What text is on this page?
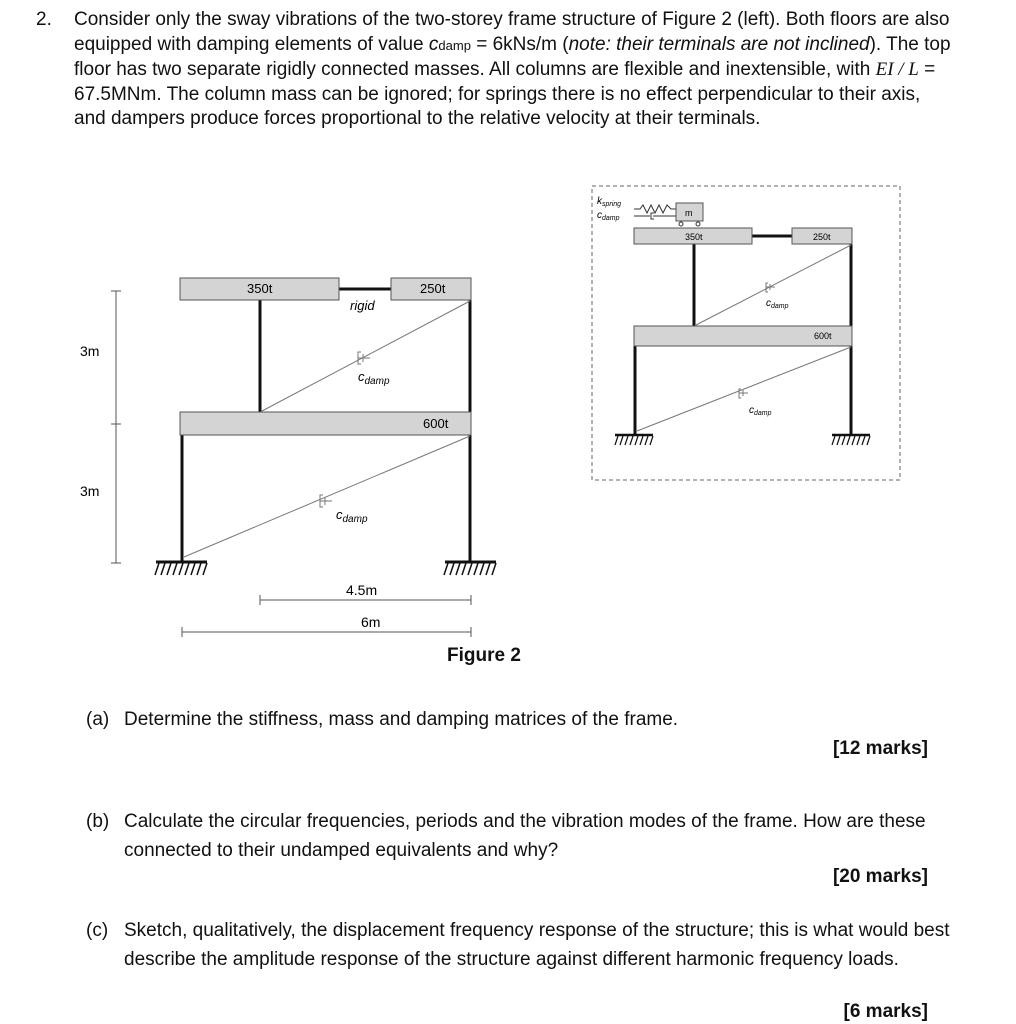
2. Consider only the sway vibrations of the two-storey frame structure of Figure 2 (left). Both floors are also equipped with damping elements of value cdamp = 6kNs/m (note: their terminals are not inclined). The top floor has two separate rigidly connected masses. All columns are flexible and inextensible, with EI / L = 67.5MNm. The column mass can be ignored; for springs there is no effect perpendicular to their axis, and dampers produce forces proportional to the relative velocity at their terminals.
3m
3m
350t	250t
rigid
600t
$c_{damp}$
$c_{damp}$
4.5m
6m
$k_{spring}$
$c_{damp}$
m
350t	250t
600t
$c_{damp}$
$c_{damp}$
Figure 2
(a) Determine the stiffness, mass and damping matrices of the frame.
[12 marks]
(b) Calculate the circular frequencies, periods and the vibration modes of the frame. How are these connected to their undamped equivalents and why?
[20 marks]
(c) Sketch, qualitatively, the displacement frequency response of the structure; this is what would best describe the amplitude response of the structure against different harmonic frequency loads.
[6 marks]
